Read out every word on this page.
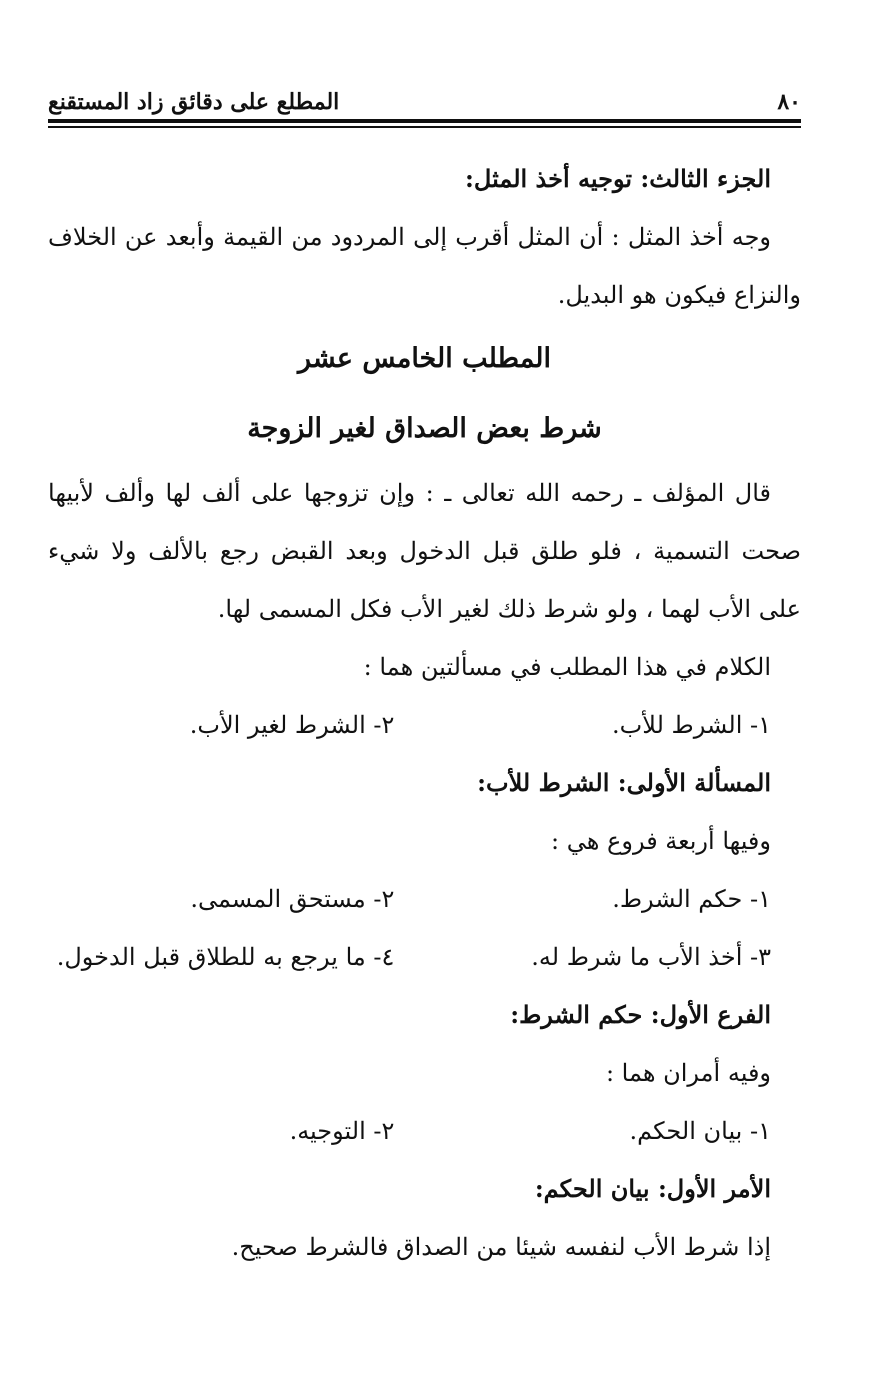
٨٠
المطلع على دقائق زاد المستقنع
الجزء الثالث: توجيه أخذ المثل:
وجه أخذ المثل : أن المثل أقرب إلى المردود من القيمة وأبعد عن الخلاف
والنزاع فيكون هو البديل.
المطلب الخامس عشر
شرط بعض الصداق لغير الزوجة
قال المؤلف ـ رحمه الله تعالى ـ : وإن تزوجها على ألف لها وألف لأبيها
صحت التسمية ، فلو طلق قبل الدخول وبعد القبض رجع بالألف ولا شيء
على الأب لهما ، ولو شرط ذلك لغير الأب فكل المسمى لها.
الكلام في هذا المطلب في مسألتين هما :
١- الشرط للأب.
٢- الشرط لغير الأب.
المسألة الأولى: الشرط للأب:
وفيها أربعة فروع هي :
١- حكم الشرط.
٢- مستحق المسمى.
٣- أخذ الأب ما شرط له.
٤- ما يرجع به للطلاق قبل الدخول.
الفرع الأول: حكم الشرط:
وفيه أمران هما :
١- بيان الحكم.
٢- التوجيه.
الأمر الأول: بيان الحكم:
إذا شرط الأب لنفسه شيئا من الصداق فالشرط صحيح.
